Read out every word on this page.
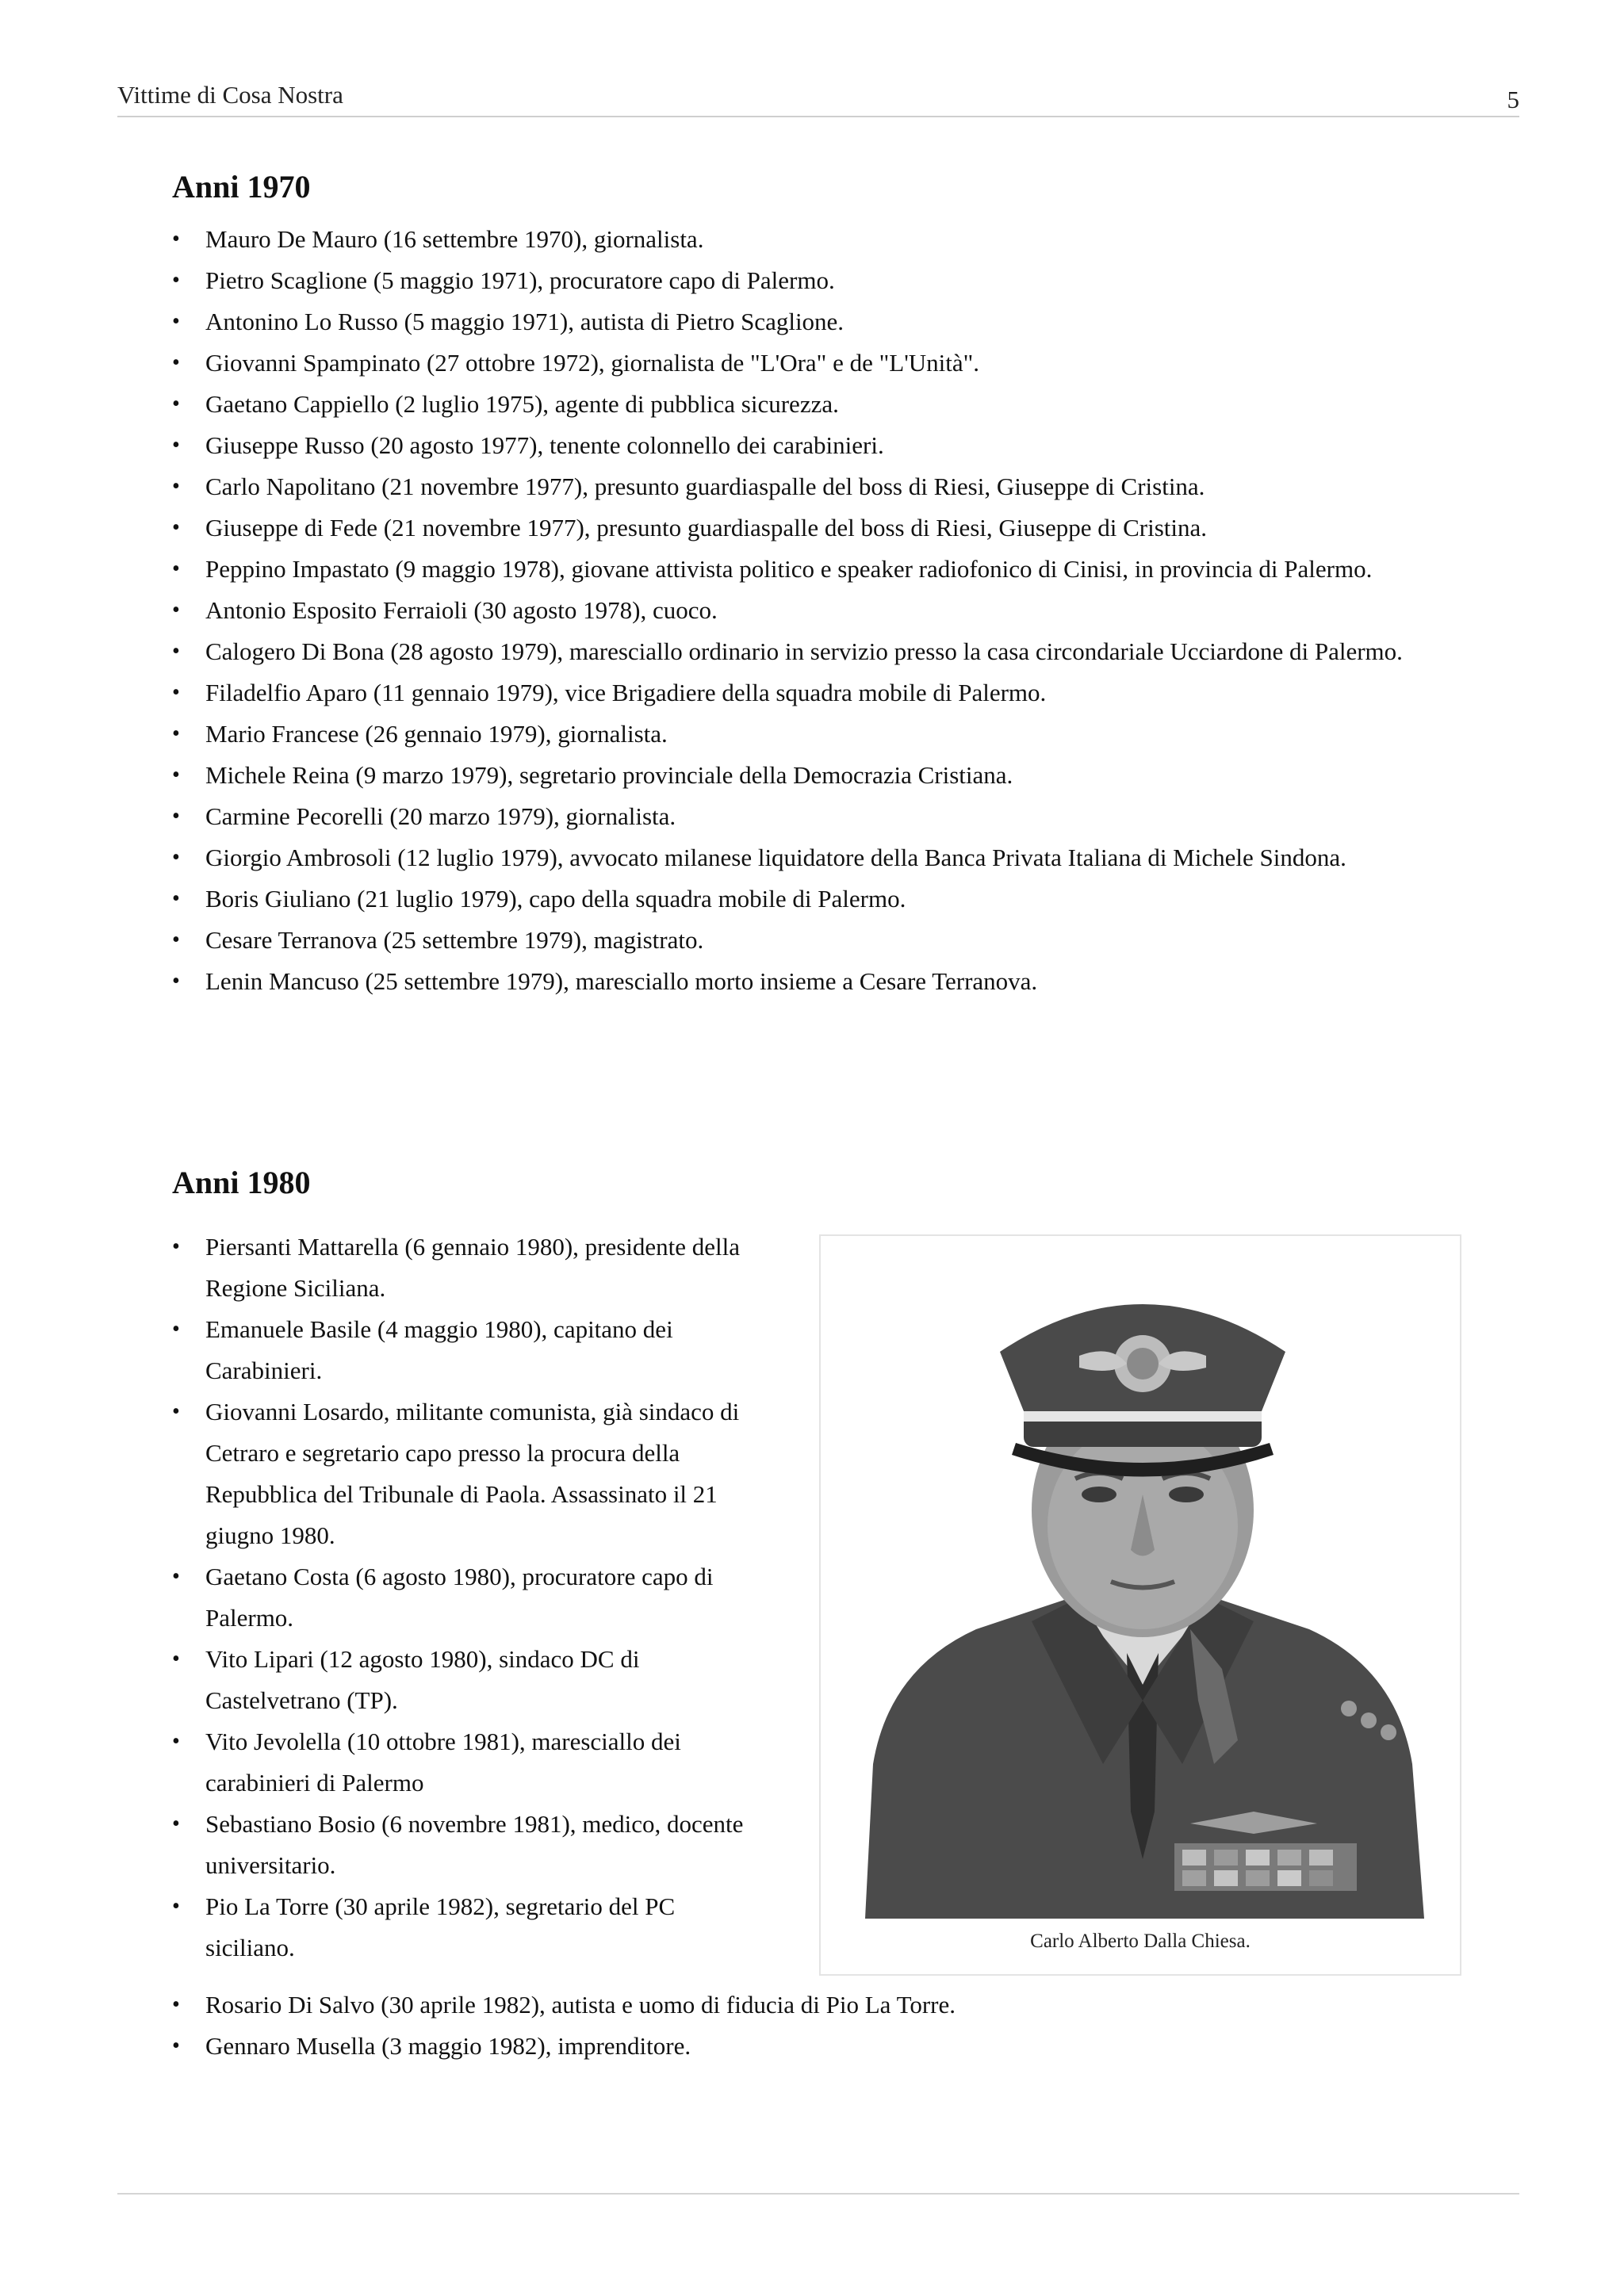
Vittime di Cosa Nostra	5
Anni 1970
• Mauro De Mauro (16 settembre 1970), giornalista.
• Pietro Scaglione (5 maggio 1971), procuratore capo di Palermo.
• Antonino Lo Russo (5 maggio 1971), autista di Pietro Scaglione.
• Giovanni Spampinato (27 ottobre 1972), giornalista de "L'Ora" e de "L'Unità".
• Gaetano Cappiello (2 luglio 1975), agente di pubblica sicurezza.
• Giuseppe Russo (20 agosto 1977), tenente colonnello dei carabinieri.
• Carlo Napolitano (21 novembre 1977), presunto guardiaspalle del boss di Riesi, Giuseppe di Cristina.
• Giuseppe di Fede (21 novembre 1977), presunto guardiaspalle del boss di Riesi, Giuseppe di Cristina.
• Peppino Impastato (9 maggio 1978), giovane attivista politico e speaker radiofonico di Cinisi, in provincia di Palermo.
• Antonio Esposito Ferraioli (30 agosto 1978), cuoco.
• Calogero Di Bona (28 agosto 1979), maresciallo ordinario in servizio presso la casa circondariale Ucciardone di Palermo.
• Filadelfio Aparo (11 gennaio 1979), vice Brigadiere della squadra mobile di Palermo.
• Mario Francese (26 gennaio 1979), giornalista.
• Michele Reina (9 marzo 1979), segretario provinciale della Democrazia Cristiana.
• Carmine Pecorelli (20 marzo 1979), giornalista.
• Giorgio Ambrosoli (12 luglio 1979), avvocato milanese liquidatore della Banca Privata Italiana di Michele Sindona.
• Boris Giuliano (21 luglio 1979), capo della squadra mobile di Palermo.
• Cesare Terranova (25 settembre 1979), magistrato.
• Lenin Mancuso (25 settembre 1979), maresciallo morto insieme a Cesare Terranova.
Anni 1980
• Piersanti Mattarella (6 gennaio 1980), presidente della Regione Siciliana.
• Emanuele Basile (4 maggio 1980), capitano dei Carabinieri.
• Giovanni Losardo, militante comunista, già sindaco di Cetraro e segretario capo presso la procura della Repubblica del Tribunale di Paola. Assassinato il 21 giugno 1980.
• Gaetano Costa (6 agosto 1980), procuratore capo di Palermo.
• Vito Lipari (12 agosto 1980), sindaco DC di Castelvetrano (TP).
• Vito Jevolella (10 ottobre 1981), maresciallo dei carabinieri di Palermo
• Sebastiano Bosio (6 novembre 1981), medico, docente universitario.
• Pio La Torre (30 aprile 1982), segretario del PC siciliano.
• Rosario Di Salvo (30 aprile 1982), autista e uomo di fiducia di Pio La Torre.
• Gennaro Musella (3 maggio 1982), imprenditore.
Carlo Alberto Dalla Chiesa.
